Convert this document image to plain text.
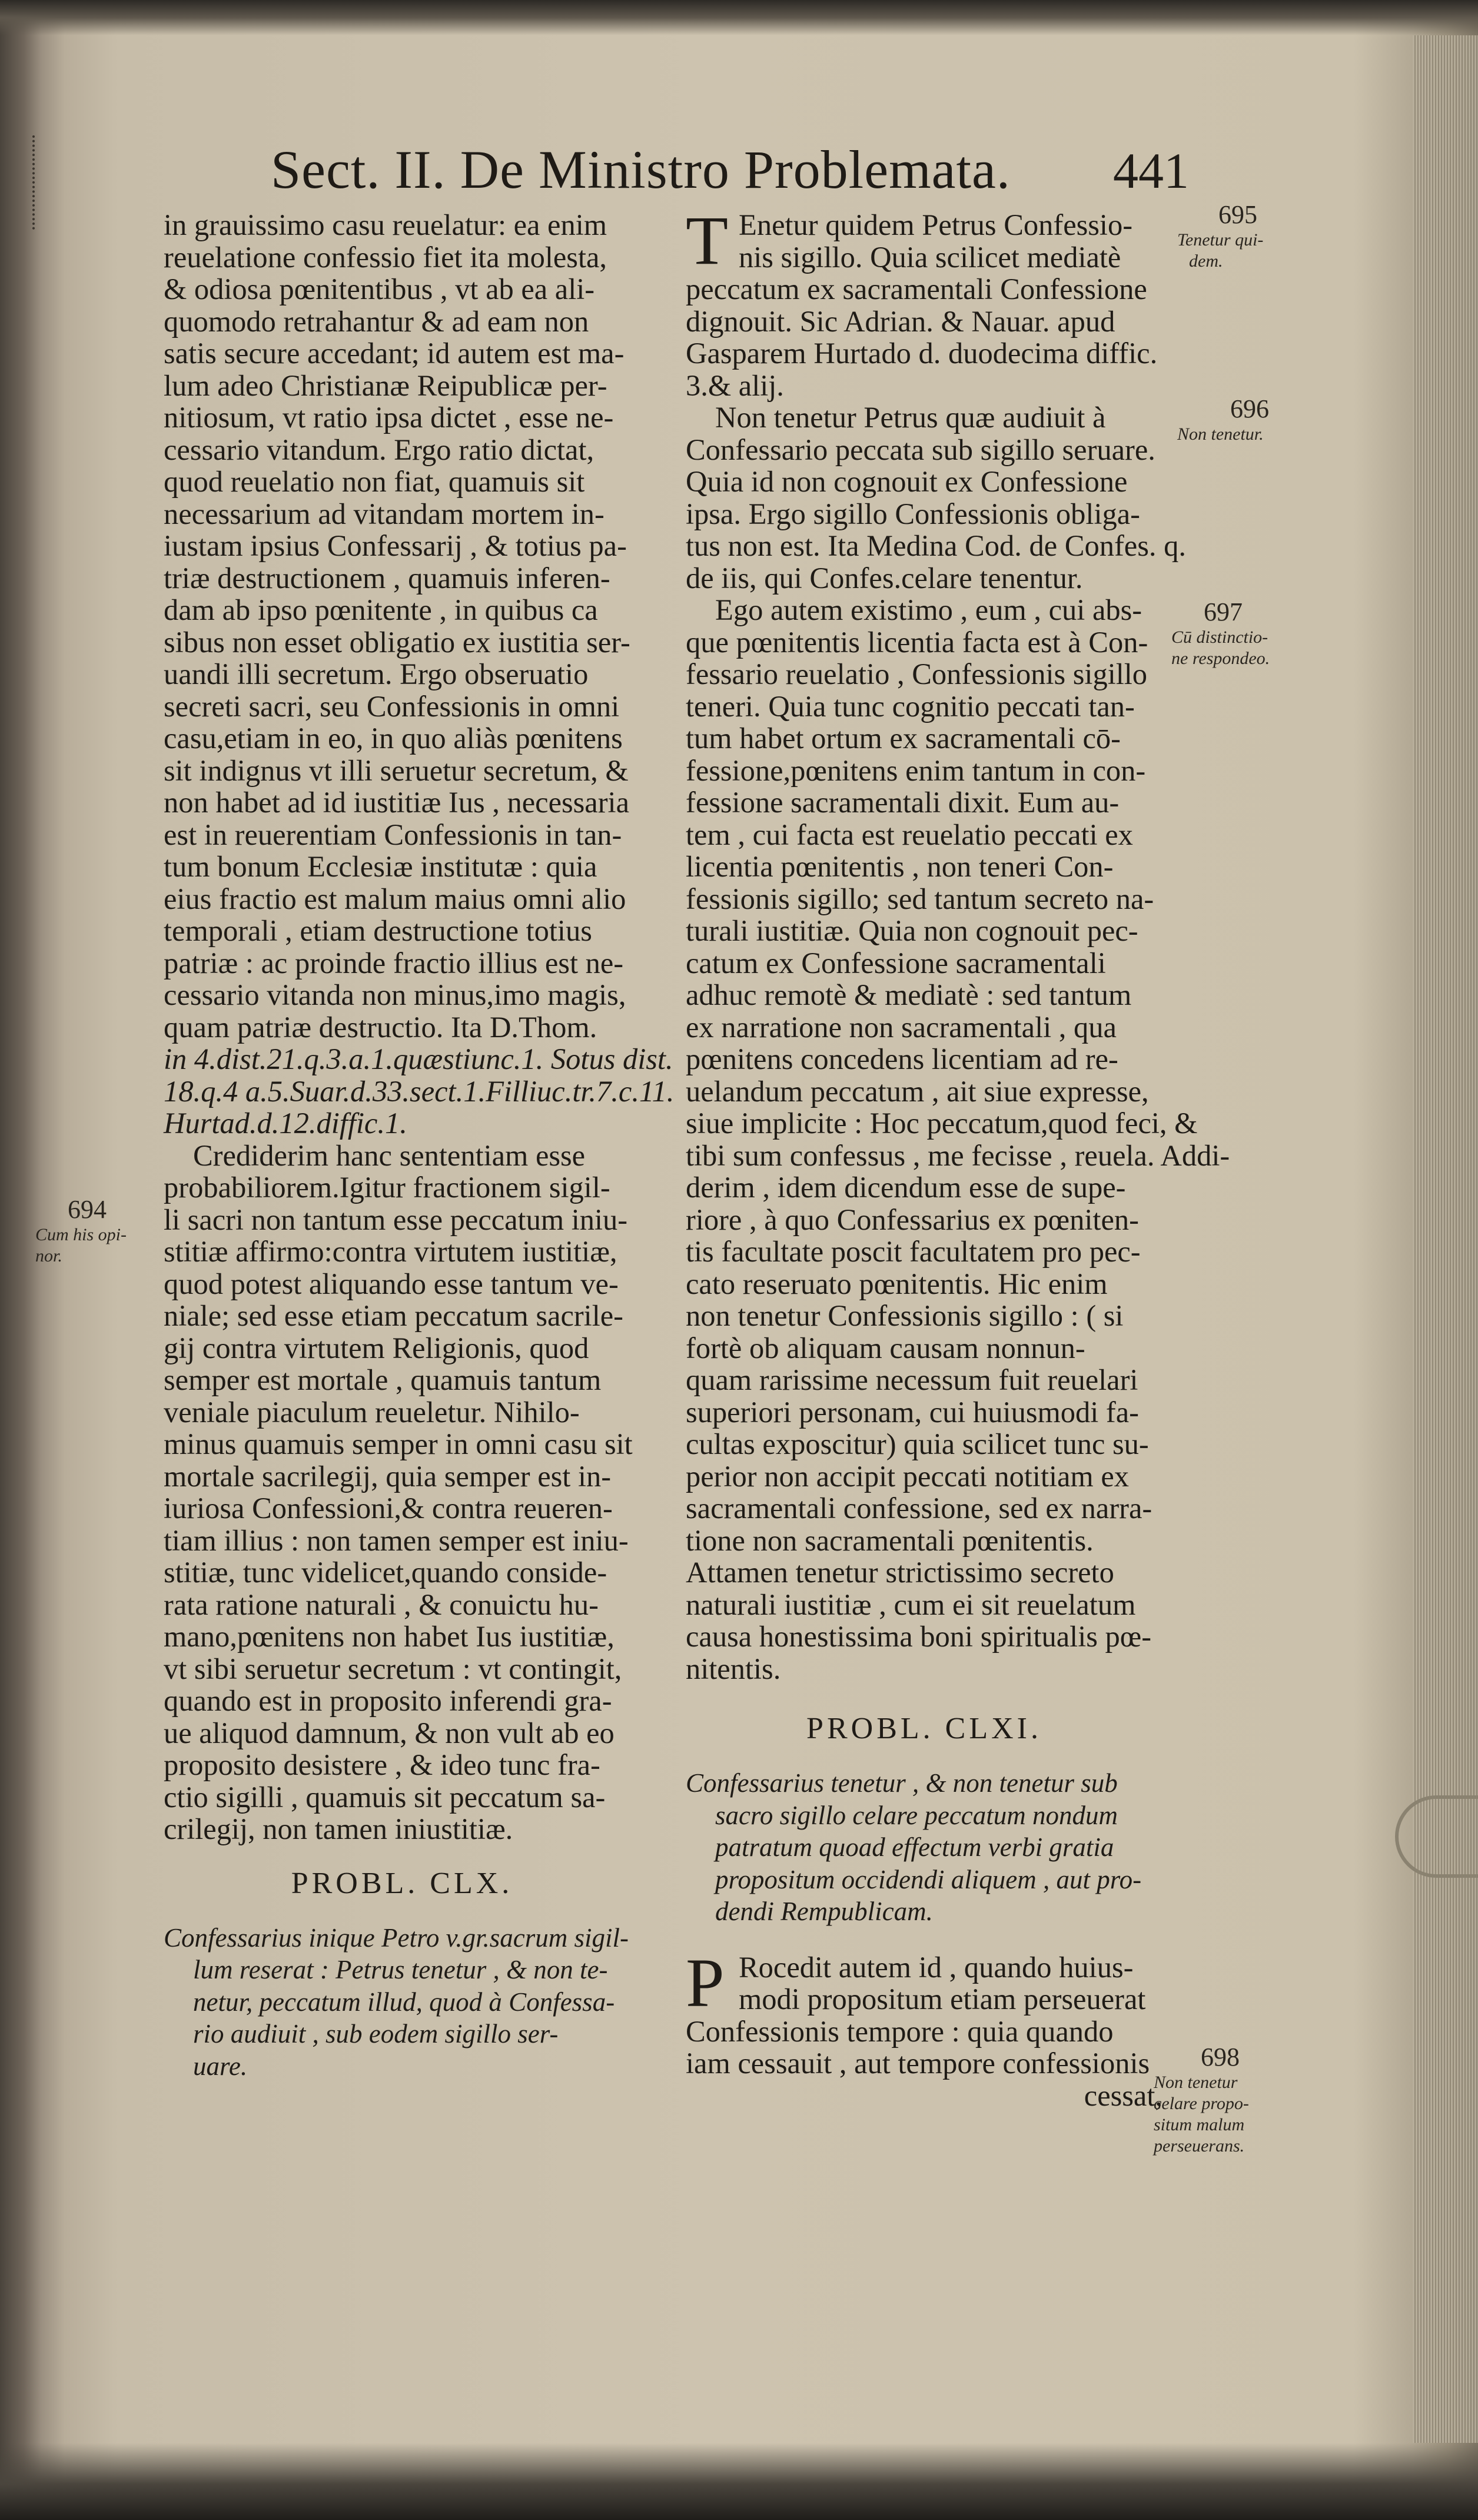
Sect. II. De Ministro Problemata. 441
in grauissimo casu reuelatur: ea enim
reuelatione confessio fiet ita molesta,
& odiosa pœnitentibus , vt ab ea ali-
quomodo retrahantur & ad eam non
satis secure accedant; id autem est ma-
lum adeo Christianæ Reipublicæ per-
nitiosum, vt ratio ipsa dictet , esse ne-
cessario vitandum. Ergo ratio dictat,
quod reuelatio non fiat, quamuis sit
necessarium ad vitandam mortem in-
iustam ipsius Confessarij , & totius pa-
triæ destructionem , quamuis inferen-
dam ab ipso pœnitente , in quibus ca
sibus non esset obligatio ex iustitia ser-
uandi illi secretum. Ergo obseruatio
secreti sacri, seu Confessionis in omni
casu,etiam in eo, in quo aliàs pœnitens
sit indignus vt illi seruetur secretum, &
non habet ad id iustitiæ Ius , necessaria
est in reuerentiam Confessionis in tan-
tum bonum Ecclesiæ institutæ : quia
eius fractio est malum maius omni alio
temporali , etiam destructione totius
patriæ : ac proinde fractio illius est ne-
cessario vitanda non minus,imo magis,
quam patriæ destructio. Ita D.Thom.
in 4.dist.21.q.3.a.1.quæstiunc.1. Sotus dist.
18.q.4 a.5.Suar.d.33.sect.1.Filliuc.tr.7.c.11.
Hurtad.d.12.diffic.1.
Crediderim hanc sententiam esse
probabiliorem.Igitur fractionem sigil-
li sacri non tantum esse peccatum iniu-
stitiæ affirmo:contra virtutem iustitiæ,
quod potest aliquando esse tantum ve-
niale; sed esse etiam peccatum sacrile-
gij contra virtutem Religionis, quod
semper est mortale , quamuis tantum
veniale piaculum reueletur. Nihilo-
minus quamuis semper in omni casu sit
mortale sacrilegij, quia semper est in-
iuriosa Confessioni,& contra reueren-
tiam illius : non tamen semper est iniu-
stitiæ, tunc videlicet,quando conside-
rata ratione naturali , & conuictu hu-
mano,pœnitens non habet Ius iustitiæ,
vt sibi seruetur secretum : vt contingit,
quando est in proposito inferendi gra-
ue aliquod damnum, & non vult ab eo
proposito desistere , & ideo tunc fra-
ctio sigilli , quamuis sit peccatum sa-
crilegij, non tamen iniustitiæ.
PROBL. CLX.
Confessarius inique Petro v.gr.sacrum sigil-
lum reserat : Petrus tenetur , & non te-
netur, peccatum illud, quod à Confessa-
rio audiuit , sub eodem sigillo ser-
uare.
T Enetur quidem Petrus Confessio-
nis sigillo. Quia scilicet mediatè
peccatum ex sacramentali Confessione
dignouit. Sic Adrian. & Nauar. apud
Gasparem Hurtado d. duodecima diffic.
3.& alij.
Non tenetur Petrus quæ audiuit à
Confessario peccata sub sigillo seruare.
Quia id non cognouit ex Confessione
ipsa. Ergo sigillo Confessionis obliga-
tus non est. Ita Medina Cod. de Confes. q.
de iis, qui Confes.celare tenentur.
Ego autem existimo , eum , cui abs-
que pœnitentis licentia facta est à Con-
fessario reuelatio , Confessionis sigillo
teneri. Quia tunc cognitio peccati tan-
tum habet ortum ex sacramentali cō-
fessione,pœnitens enim tantum in con-
fessione sacramentali dixit. Eum au-
tem , cui facta est reuelatio peccati ex
licentia pœnitentis , non teneri Con-
fessionis sigillo; sed tantum secreto na-
turali iustitiæ. Quia non cognouit pec-
catum ex Confessione sacramentali
adhuc remotè & mediatè : sed tantum
ex narratione non sacramentali , qua
pœnitens concedens licentiam ad re-
uelandum peccatum , ait siue expresse,
siue implicite : Hoc peccatum,quod feci, &
tibi sum confessus , me fecisse , reuela. Addi-
derim , idem dicendum esse de supe-
riore , à quo Confessarius ex pœniten-
tis facultate poscit facultatem pro pec-
cato reseruato pœnitentis. Hic enim
non tenetur Confessionis sigillo : ( si
fortè ob aliquam causam nonnun-
quam rarissime necessum fuit reuelari
superiori personam, cui huiusmodi fa-
cultas exposcitur) quia scilicet tunc su-
perior non accipit peccati notitiam ex
sacramentali confessione, sed ex narra-
tione non sacramentali pœnitentis.
Attamen tenetur strictissimo secreto
naturali iustitiæ , cum ei sit reuelatum
causa honestissima boni spiritualis pœ-
nitentis.
PROBL. CLXI.
Confessarius tenetur , & non tenetur sub
sacro sigillo celare peccatum nondum
patratum quoad effectum verbi gratia
propositum occidendi aliquem , aut pro-
dendi Rempublicam.
P Rocedit autem id , quando huius-
modi propositum etiam perseuerat
Confessionis tempore : quia quando
iam cessauit , aut tempore confessionis
cessat,
694
Cum his opi-
nor.
695
Tenetur qui-
dem.
696
Non tenetur.
697
Cū distinctio-
ne respondeo.
698
Non tenetur
celare propo-
situm malum
perseuerans.
